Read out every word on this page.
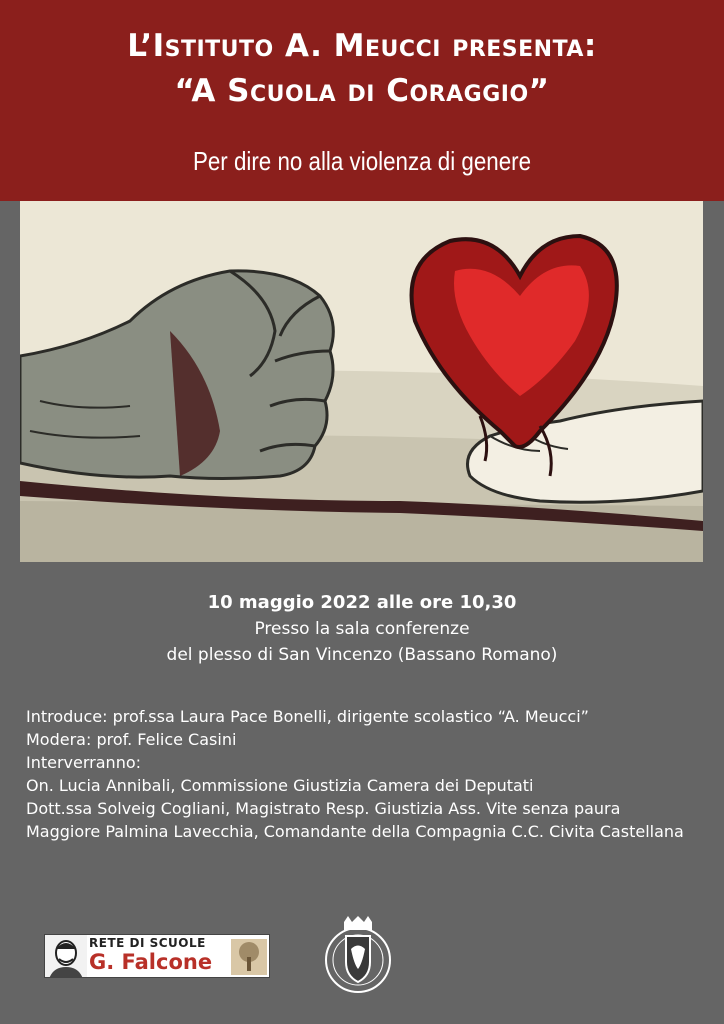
L’Istituto A. Meucci presenta:
“A Scuola di Coraggio”
Per dire no alla violenza di genere
10 maggio 2022 alle ore 10,30
Presso la sala conferenze
del plesso di San Vincenzo (Bassano Romano)
Introduce: prof.ssa Laura Pace Bonelli, dirigente scolastico “A. Meucci”
Modera: prof. Felice Casini
Interverranno:
On. Lucia Annibali, Commissione Giustizia Camera dei Deputati
Dott.ssa Solveig Cogliani, Magistrato Resp. Giustizia Ass. Vite senza paura
Maggiore Palmina Lavecchia, Comandante della Compagnia C.C. Civita Castellana
RETE DI SCUOLE
G. Falcone
